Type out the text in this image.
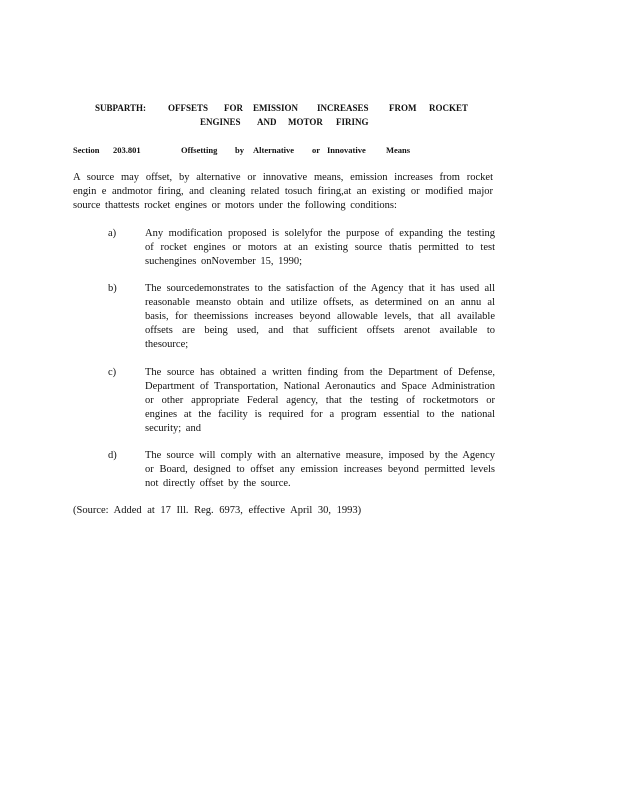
SUBPARTH: OFFSETS FOR EMISSION INCREASES FROM ROCKET
ENGINES AND MOTOR FIRING
Section 203.801	Offsetting by Alternative or Innovative Means

A source may offset, by alternative or innovative means, emission increases from rocket engin e andmotor firing, and cleaning related tosuch firing,at an existing or modified major source thattests rocket engines or motors under the following conditions:

a)	Any modification proposed is solelyfor the purpose of expanding the testing of rocket engines or motors at an existing source thatis permitted to test suchengines onNovember 15, 1990;
b)	The sourcedemonstrates to the satisfaction of the Agency that it has used all reasonable meansto obtain and utilize offsets, as determined on an annu al basis, for theemissions increases beyond allowable levels, that all available offsets are being used, and that sufficient offsets arenot available to thesource;
c)	The source has obtained a written finding from the Department of Defense, Department of Transportation, National Aeronautics and Space Administration or other appropriate Federal agency, that the testing of rocketmotors or engines at the facility is required for a program essential to the national security; and
d)	The source will comply with an alternative measure, imposed by the Agency or Board, designed to offset any emission increases beyond permitted levels not directly offset by the source.
(Source: Added at 17 Ill. Reg. 6973, effective April 30, 1993)
